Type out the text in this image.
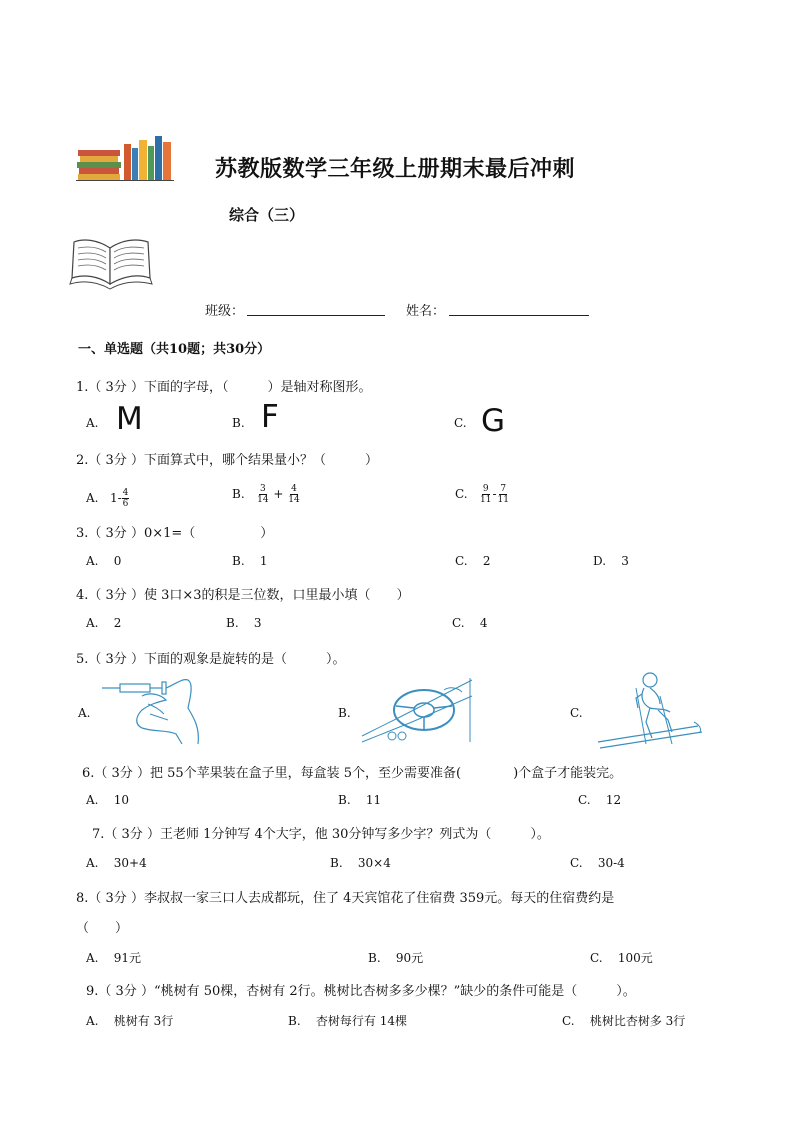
苏教版数学三年级上册期末最后冲刺
综合（三）
班级：	姓名：
一、单选题（共10题；共30分）
1.（ 3分 ）下面的字母，（　　　）是轴对称图形。
A. M	B. F	C. G
2.（ 3分 ）下面算式中，哪个结果量小？（　　　）
A. $1- \frac{4}{6}$	B. $\frac{3}{14} + \frac{4}{14}$	C. $\frac{9}{11} - \frac{7}{11}$
3.（ 3分 ）0×1=（　　　　　）
A. 0	B. 1	C. 2	D. 3
4.（ 3分 ）使 3口×3的积是三位数，口里最小填（　　）
A. 2	B. 3	C. 4
5.（ 3分 ）下面的观象是旋转的是（　　　）。
A.	B.	C.
6.（ 3分 ）把 55个苹果装在盒子里，每盒装 5个，至少需要准备(　　　　)个盒子才能装完。
A. 10	B. 11	C. 12
7.（ 3分 ）王老师 1分钟写 4个大字，他 30分钟写多少字？列式为（　　　）。
A. 30+4	B. 30×4	C. 30-4
8.（ 3分 ）李叔叔一家三口人去成都玩，住了 4天宾馆花了住宿费 359元。每天的住宿费约是
（　　）
A. 91元	B. 90元	C. 100元
9.（ 3分 ）“桃树有 50棵，杏树有 2行。桃树比杏树多多少棵？”缺少的条件可能是（　　　）。
A. 桃树有 3行	B. 杏树每行有 14棵	C. 桃树比杏树多 3行
